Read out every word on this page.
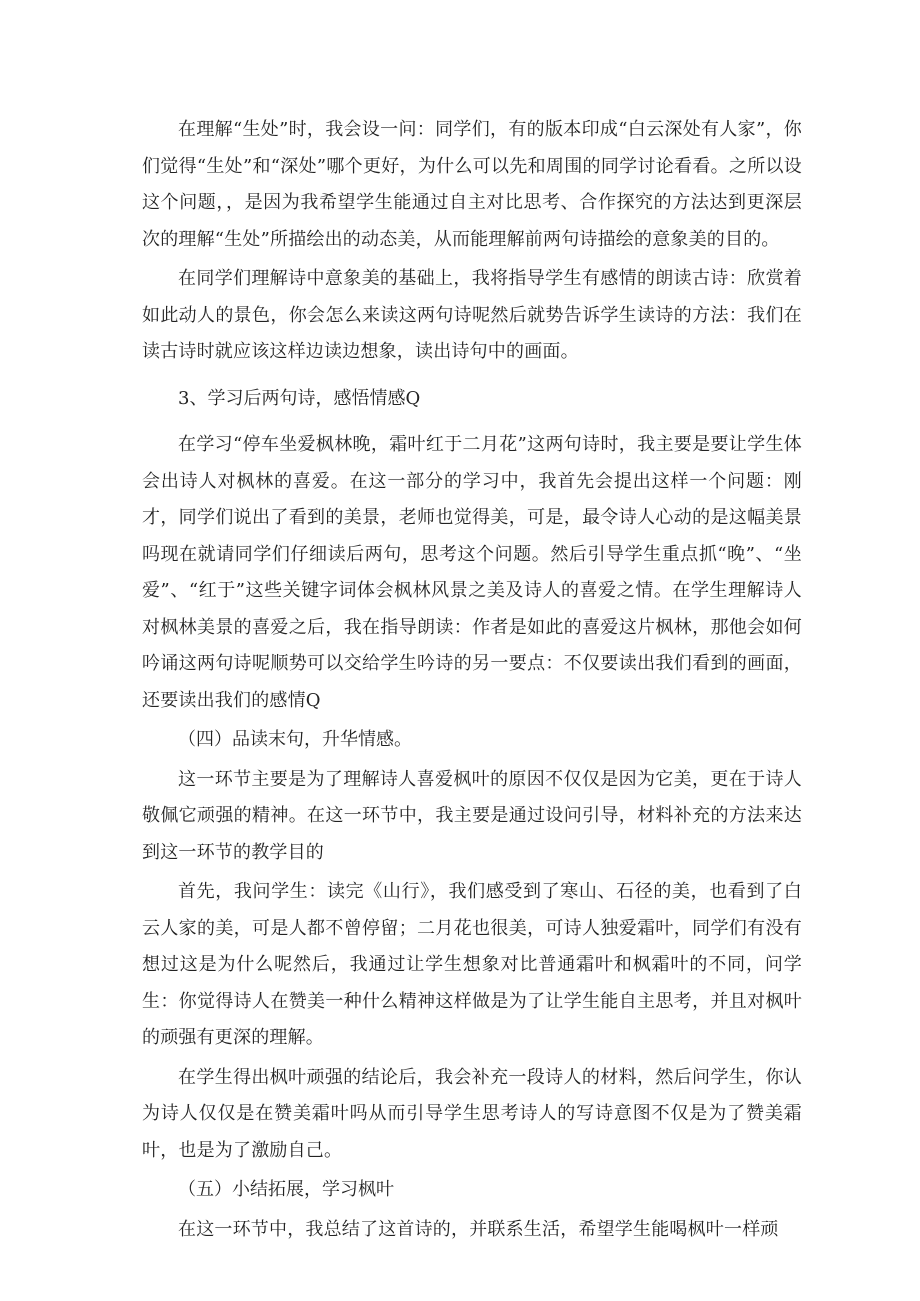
在理解“生处”时，我会设一问：同学们，有的版本印成“白云深处有人家”，你们觉得“生处”和“深处”哪个更好，为什么可以先和周围的同学讨论看看。之所以设这个问题，，是因为我希望学生能通过自主对比思考、合作探究的方法达到更深层次的理解“生处”所描绘出的动态美，从而能理解前两句诗描绘的意象美的目的。

在同学们理解诗中意象美的基础上，我将指导学生有感情的朗读古诗：欣赏着如此动人的景色，你会怎么来读这两句诗呢然后就势告诉学生读诗的方法：我们在读古诗时就应该这样边读边想象，读出诗句中的画面。

3、学习后两句诗，感悟情感Q

在学习“停车坐爱枫林晚，霜叶红于二月花”这两句诗时，我主要是要让学生体会出诗人对枫林的喜爱。在这一部分的学习中，我首先会提出这样一个问题：刚才，同学们说出了看到的美景，老师也觉得美，可是，最令诗人心动的是这幅美景吗现在就请同学们仔细读后两句，思考这个问题。然后引导学生重点抓“晚”、“坐爱”、“红于”这些关键字词体会枫林风景之美及诗人的喜爱之情。在学生理解诗人对枫林美景的喜爱之后，我在指导朗读：作者是如此的喜爱这片枫林，那他会如何吟诵这两句诗呢顺势可以交给学生吟诗的另一要点：不仅要读出我们看到的画面，还要读出我们的感情Q

（四）品读末句，升华情感。

这一环节主要是为了理解诗人喜爱枫叶的原因不仅仅是因为它美，更在于诗人敬佩它顽强的精神。在这一环节中，我主要是通过设问引导，材料补充的方法来达到这一环节的教学目的

首先，我问学生：读完《山行》，我们感受到了寒山、石径的美，也看到了白云人家的美，可是人都不曾停留；二月花也很美，可诗人独爱霜叶，同学们有没有想过这是为什么呢然后，我通过让学生想象对比普通霜叶和枫霜叶的不同，问学生：你觉得诗人在赞美一种什么精神这样做是为了让学生能自主思考，并且对枫叶的顽强有更深的理解。

在学生得出枫叶顽强的结论后，我会补充一段诗人的材料，然后问学生，你认为诗人仅仅是在赞美霜叶吗从而引导学生思考诗人的写诗意图不仅是为了赞美霜叶，也是为了激励自己。

（五）小结拓展，学习枫叶

在这一环节中，我总结了这首诗的，并联系生活，希望学生能喝枫叶一样顽
